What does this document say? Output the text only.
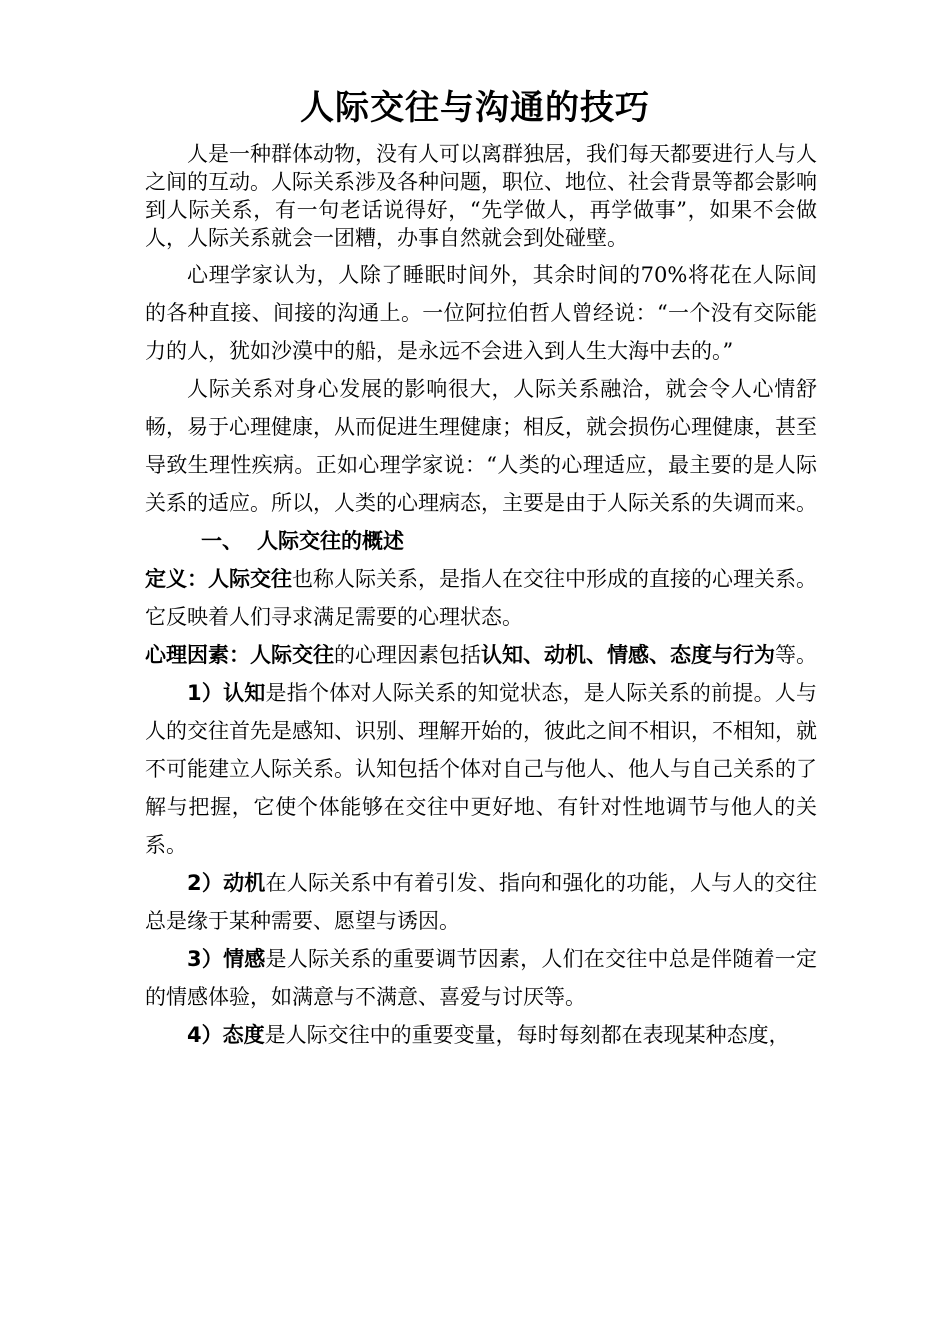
人际交往与沟通的技巧

人是一种群体动物，没有人可以离群独居，我们每天都要进行人与人之间的互动。人际关系涉及各种问题，职位、地位、社会背景等都会影响到人际关系，有一句老话说得好，“先学做人，再学做事”，如果不会做人，人际关系就会一团糟，办事自然就会到处碰壁。

心理学家认为，人除了睡眠时间外，其余时间的70%将花在人际间的各种直接、间接的沟通上。一位阿拉伯哲人曾经说：“一个没有交际能力的人，犹如沙漠中的船，是永远不会进入到人生大海中去的。”

人际关系对身心发展的影响很大，人际关系融洽，就会令人心情舒畅，易于心理健康，从而促进生理健康；相反，就会损伤心理健康，甚至导致生理性疾病。正如心理学家说：“人类的心理适应，最主要的是人际关系的适应。所以，人类的心理病态，主要是由于人际关系的失调而来。

一、 人际交往的概述

定义：人际交往也称人际关系，是指人在交往中形成的直接的心理关系。它反映着人们寻求满足需要的心理状态。

心理因素：人际交往的心理因素包括认知、动机、情感、态度与行为等。

1）认知是指个体对人际关系的知觉状态，是人际关系的前提。人与人的交往首先是感知、识别、理解开始的，彼此之间不相识，不相知，就不可能建立人际关系。认知包括个体对自己与他人、他人与自己关系的了解与把握，它使个体能够在交往中更好地、有针对性地调节与他人的关系。

2）动机在人际关系中有着引发、指向和强化的功能，人与人的交往总是缘于某种需要、愿望与诱因。

3）情感是人际关系的重要调节因素，人们在交往中总是伴随着一定的情感体验，如满意与不满意、喜爱与讨厌等。

4）态度是人际交往中的重要变量，每时每刻都在表现某种态度，
